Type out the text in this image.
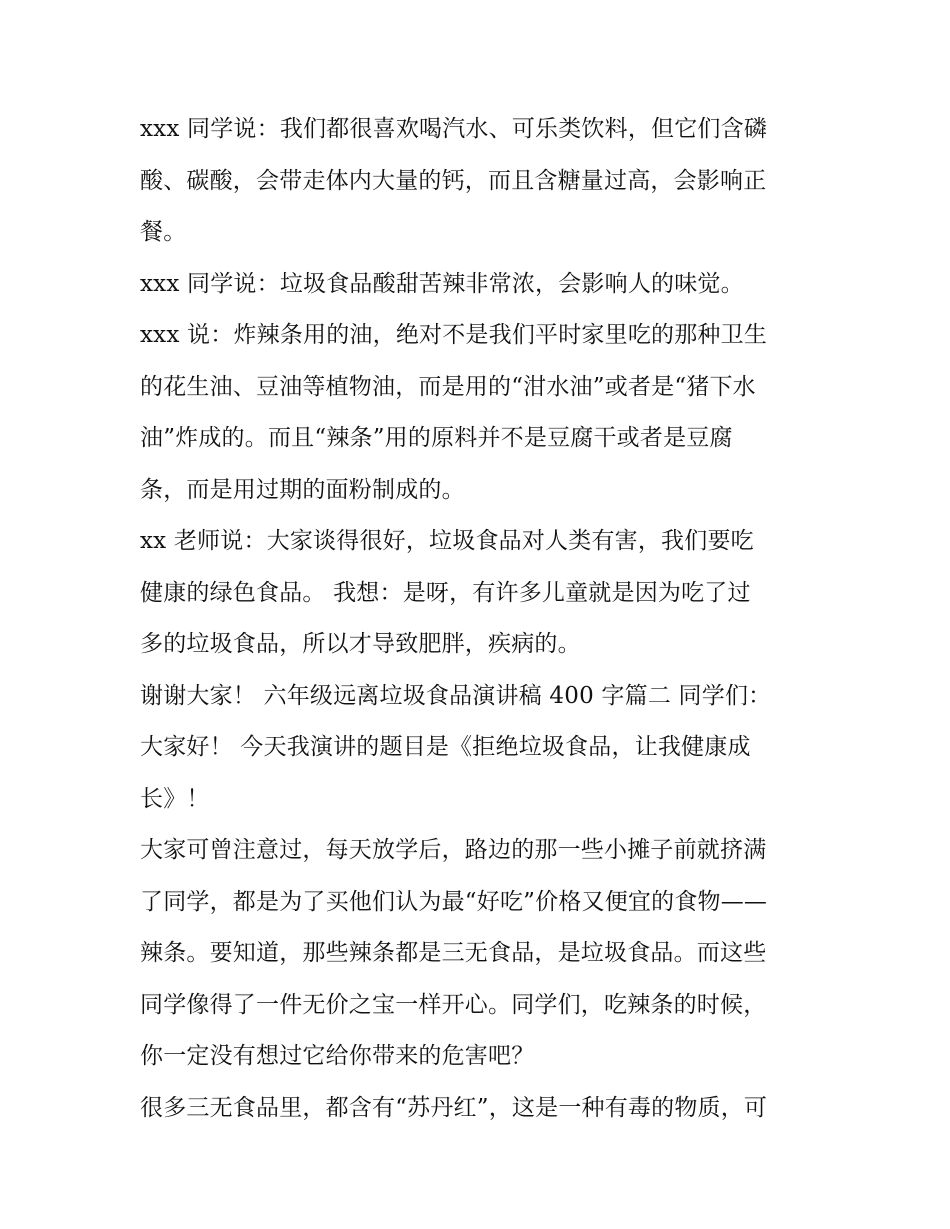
xxx 同学说：我们都很喜欢喝汽水、可乐类饮料，但它们含磷
酸、碳酸，会带走体内大量的钙，而且含糖量过高，会影响正
餐。

xxx 同学说：垃圾食品酸甜苦辣非常浓，会影响人的味觉。

xxx 说：炸辣条用的油，绝对不是我们平时家里吃的那种卫生
的花生油、豆油等植物油，而是用的“泔水油”或者是“猪下水
油”炸成的。而且“辣条”用的原料并不是豆腐干或者是豆腐
条，而是用过期的面粉制成的。

xx 老师说：大家谈得很好，垃圾食品对人类有害，我们要吃
健康的绿色食品。 我想：是呀，有许多儿童就是因为吃了过
多的垃圾食品，所以才导致肥胖，疾病的。

谢谢大家！ 六年级远离垃圾食品演讲稿 400 字篇二 同学们：
大家好！ 今天我演讲的题目是《拒绝垃圾食品，让我健康成
长》！

大家可曾注意过，每天放学后，路边的那一些小摊子前就挤满
了同学，都是为了买他们认为最“好吃”价格又便宜的食物——
辣条。要知道，那些辣条都是三无食品，是垃圾食品。而这些
同学像得了一件无价之宝一样开心。同学们，吃辣条的时候，
你一定没有想过它给你带来的危害吧？

很多三无食品里，都含有“苏丹红”，这是一种有毒的物质，可
